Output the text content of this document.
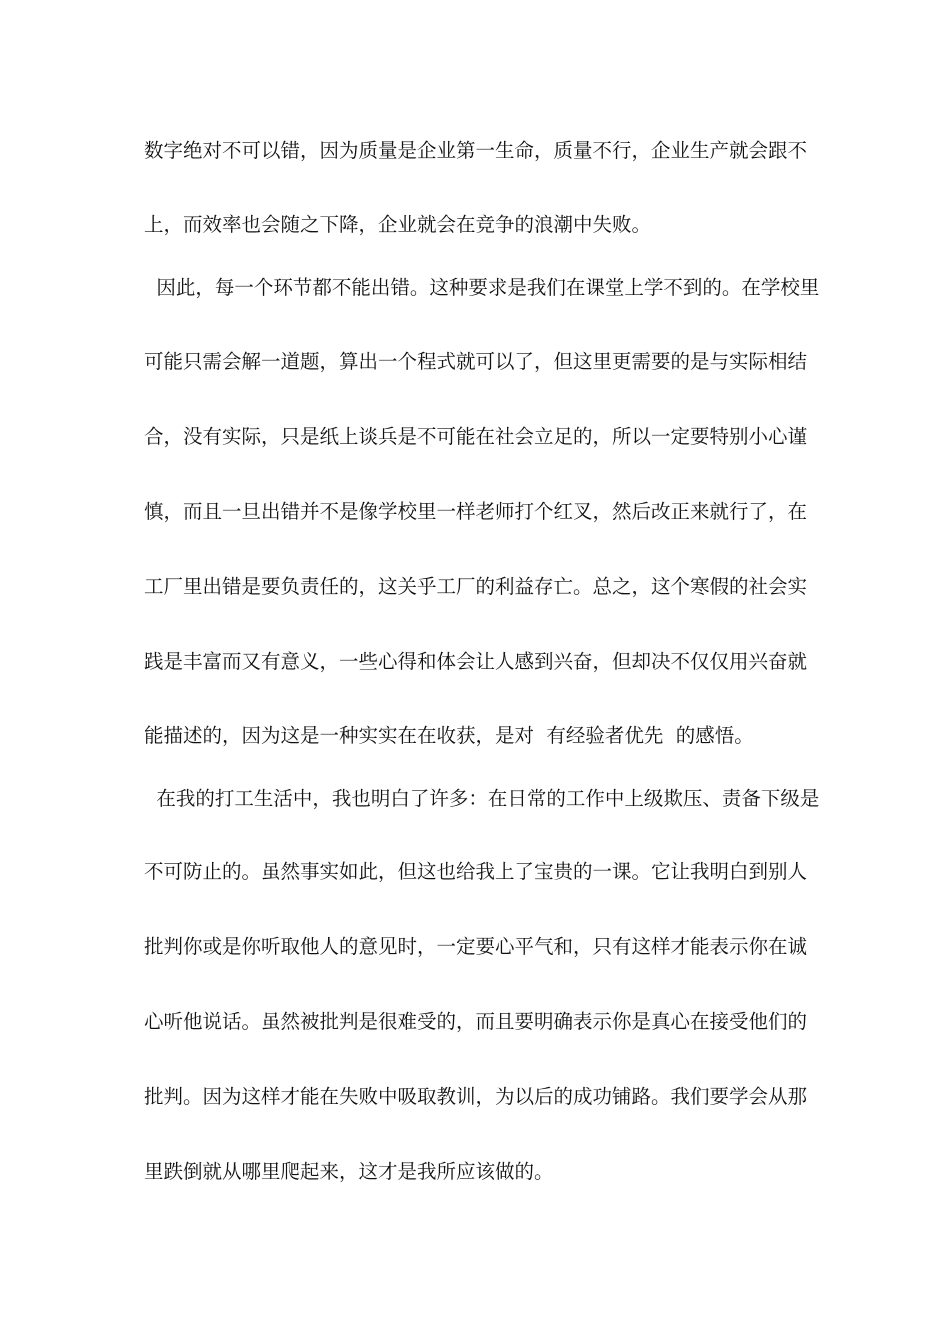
数字绝对不可以错，因为质量是企业第一生命，质量不行，企业生产就会跟不
上，而效率也会随之下降，企业就会在竞争的浪潮中失败。
因此，每一个环节都不能出错。这种要求是我们在课堂上学不到的。在学校里
可能只需会解一道题，算出一个程式就可以了，但这里更需要的是与实际相结
合，没有实际，只是纸上谈兵是不可能在社会立足的，所以一定要特别小心谨
慎，而且一旦出错并不是像学校里一样老师打个红叉，然后改正来就行了，在
工厂里出错是要负责任的，这关乎工厂的利益存亡。总之，这个寒假的社会实
践是丰富而又有意义，一些心得和体会让人感到兴奋，但却决不仅仅用兴奋就
能描述的，因为这是一种实实在在收获，是对  有经验者优先  的感悟。
在我的打工生活中，我也明白了许多：在日常的工作中上级欺压、责备下级是
不可防止的。虽然事实如此，但这也给我上了宝贵的一课。它让我明白到别人
批判你或是你听取他人的意见时，一定要心平气和，只有这样才能表示你在诚
心听他说话。虽然被批判是很难受的，而且要明确表示你是真心在接受他们的
批判。因为这样才能在失败中吸取教训，为以后的成功铺路。我们要学会从那
里跌倒就从哪里爬起来，这才是我所应该做的。
